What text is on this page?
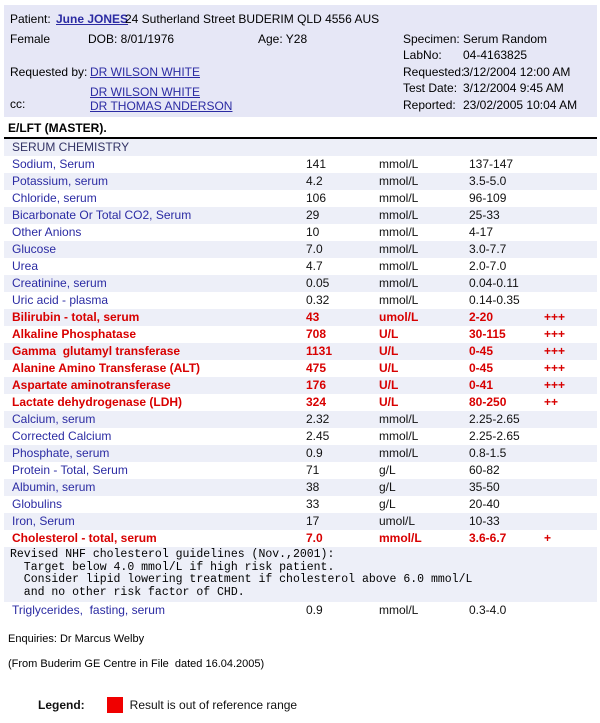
Patient: June JONES
24 Sutherland Street BUDERIM QLD 4556 AUS
Female	DOB: 8/01/1976	Age: Y28
Requested by: DR WILSON WHITE
cc:
DR WILSON WHITE
DR THOMAS ANDERSON
Specimen: Serum Random
LabNo: 04-4163825
Requested:
3/12/2004 12:00 AM
Test Date: 3/12/2004 9:45 AM
Reported: 23/02/2005 10:04 AM
E/LFT (MASTER).
SERUM CHEMISTRY
Sodium, Serum	141	mmol/L	137-147
Potassium, serum	4.2	mmol/L	3.5-5.0
Chloride, serum	106	mmol/L	96-109
Bicarbonate Or Total CO2, Serum	29	mmol/L	25-33
Other Anions	10	mmol/L	4-17
Glucose	7.0	mmol/L	3.0-7.7
Urea	4.7	mmol/L	2.0-7.0
Creatinine, serum	0.05	mmol/L	0.04-0.11
Uric acid - plasma	0.32	mmol/L	0.14-0.35
Bilirubin - total, serum	43	umol/L	2-20	+++
Alkaline Phosphatase	708	U/L	30-115	+++
Gamma  glutamyl transferase	1131	U/L	0-45	+++
Alanine Amino Transferase (ALT)	475	U/L	0-45	+++
Aspartate aminotransferase	176	U/L	0-41	+++
Lactate dehydrogenase (LDH)	324	U/L	80-250	++
Calcium, serum	2.32	mmol/L	2.25-2.65
Corrected Calcium	2.45	mmol/L	2.25-2.65
Phosphate, serum	0.9	mmol/L	0.8-1.5
Protein - Total, Serum	71	g/L	60-82
Albumin, serum	38	g/L	35-50
Globulins	33	g/L	20-40
Iron, Serum	17	umol/L	10-33
Cholesterol - total, serum	7.0	mmol/L	3.6-6.7	+
Revised NHF cholesterol guidelines (Nov.,2001):
Target below 4.0 mmol/L if high risk patient.
Consider lipid lowering treatment if cholesterol above 6.0 mmol/L
and no other risk factor of CHD.
Triglycerides,  fasting, serum	0.9	mmol/L	0.3-4.0
Enquiries: Dr Marcus Welby
(From Buderim GE Centre in File  dated 16.04.2005)
Legend:	Result is out of reference range
